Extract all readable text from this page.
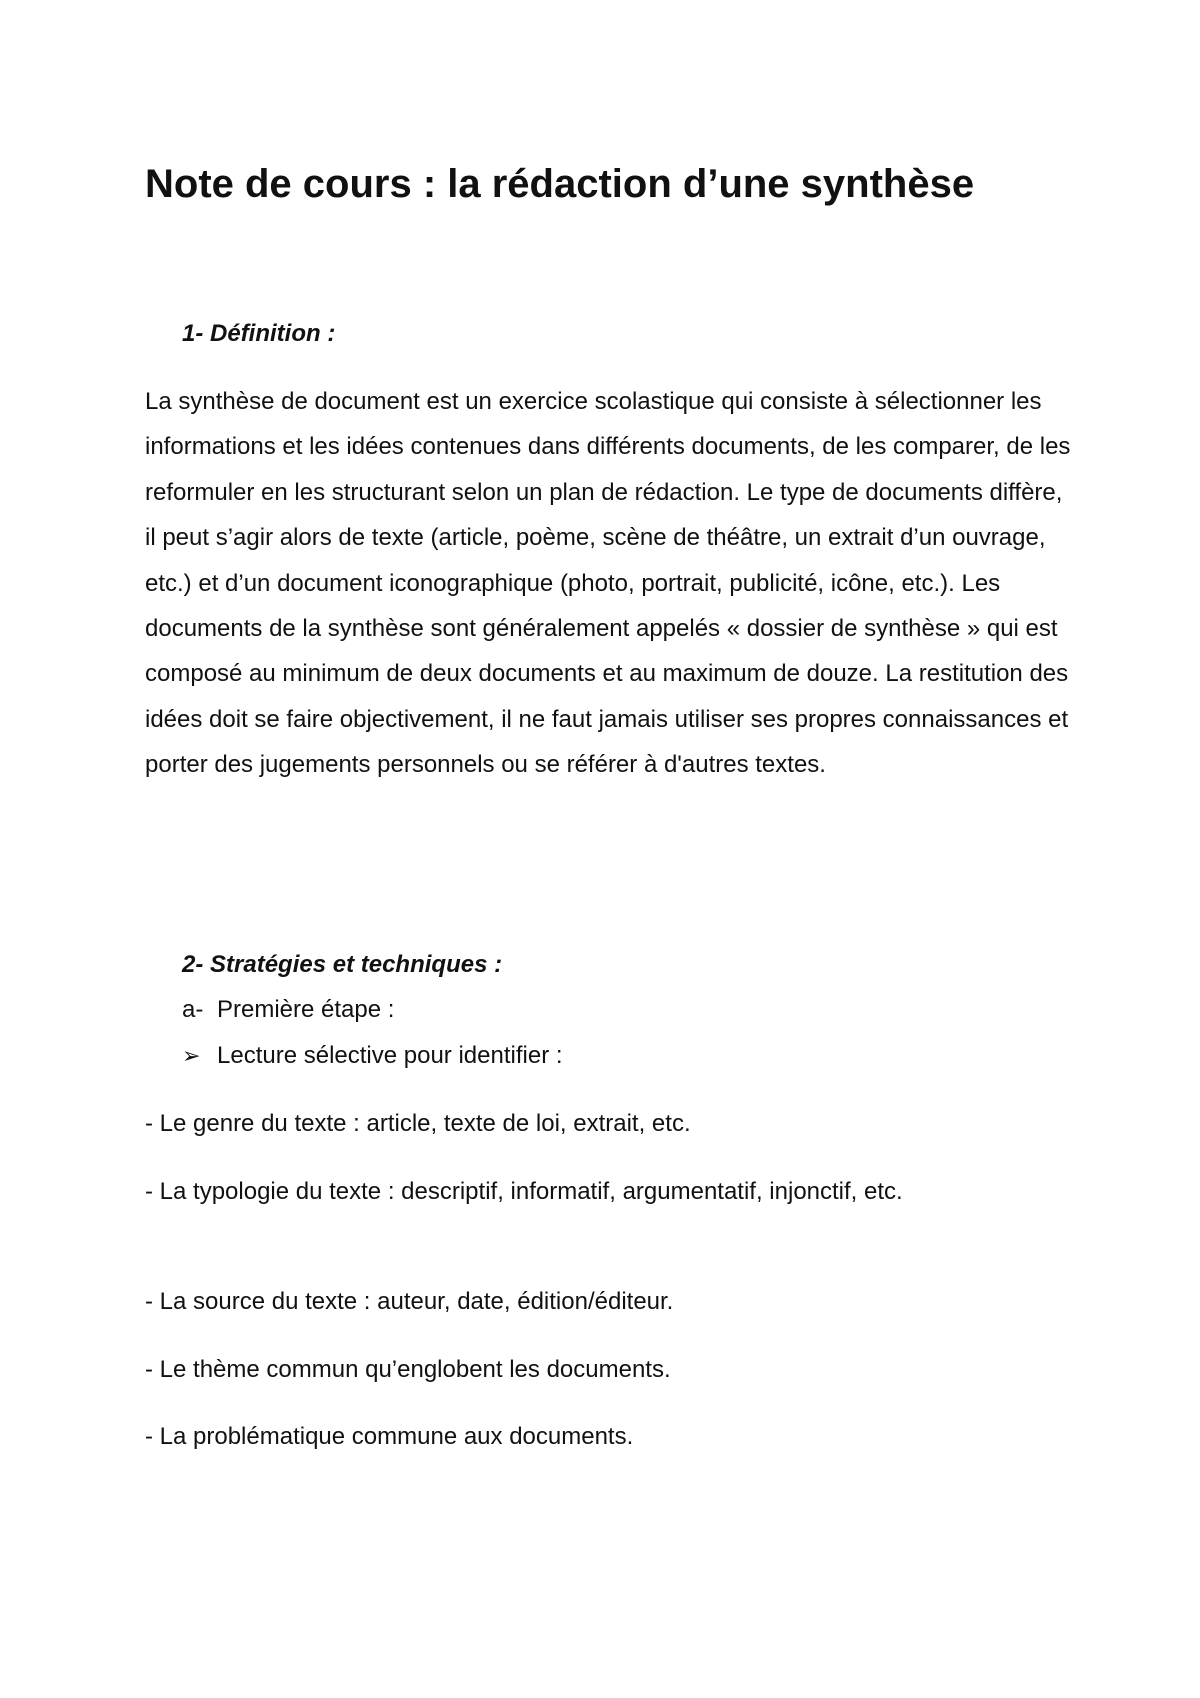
Note de cours : la rédaction d’une synthèse
1- Définition :

La synthèse de document est un exercice scolastique qui consiste à sélectionner les informations et les idées contenues dans différents documents, de les comparer, de les reformuler en les structurant selon un plan de rédaction. Le type de documents diffère, il peut s’agir alors de texte (article, poème, scène de théâtre, un extrait d’un ouvrage, etc.) et d’un document iconographique (photo, portrait, publicité, icône, etc.). Les documents de la synthèse sont généralement appelés « dossier de synthèse » qui est composé au minimum de deux documents et au maximum de douze. La restitution des idées doit se faire objectivement, il ne faut jamais utiliser ses propres connaissances et porter des jugements personnels ou se référer à d'autres textes.

2- Stratégies et techniques :
a- Première étape :
➢ Lecture sélective pour identifier :
- Le genre du texte : article, texte de loi, extrait, etc.

- La typologie du texte : descriptif, informatif, argumentatif, injonctif, etc.

- La source du texte : auteur, date, édition/éditeur.
- Le thème commun qu’englobent les documents.
- La problématique commune aux documents.
